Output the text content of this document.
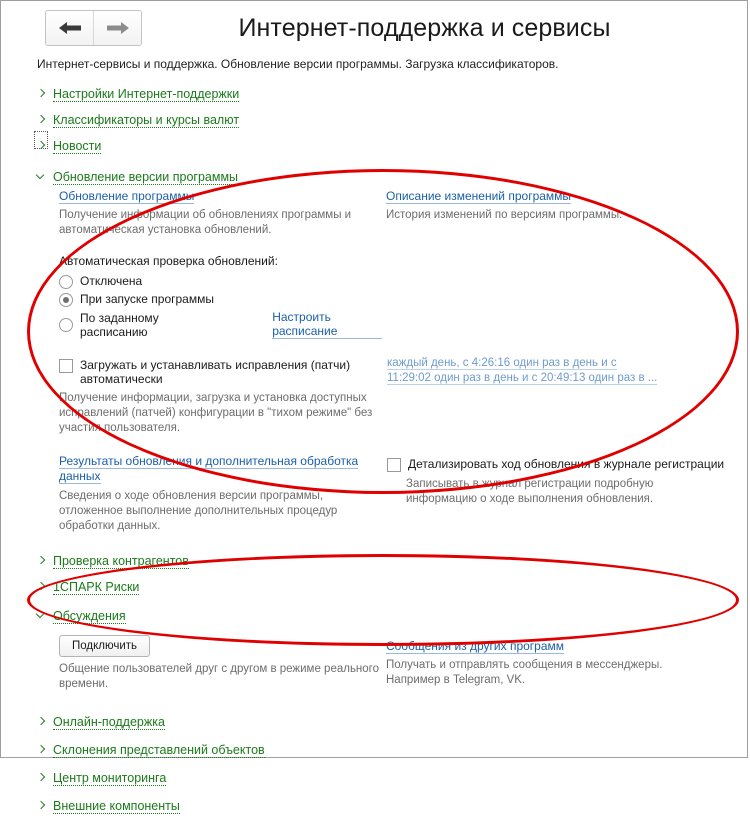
Интернет-поддержка и сервисы
Интернет-сервисы и поддержка. Обновление версии программы. Загрузка классификаторов.
Настройки Интернет-поддержки
Классификаторы и курсы валют
Новости
Обновление версии программы
Обновление программы
Получение информации об обновлениях программы и автоматическая установка обновлений.
Описание изменений программы
История изменений по версиям программы.
Автоматическая проверка обновлений:
Отключена
При запуске программы
По заданному расписанию
Настроить расписание
Загружать и устанавливать исправления (патчи) автоматически
Получение информации, загрузка и установка доступных исправлений (патчей) конфигурации в "тихом режиме" без участия пользователя.
каждый день, с 4:26:16 один раз в день и с
11:29:02 один раз в день и с 20:49:13 один раз в ...
Результаты обновления и дополнительная обработка данных
Сведения о ходе обновления версии программы, отложенное выполнение дополнительных процедур обработки данных.
Детализировать ход обновления в журнале регистрации
Записывать в журнал регистрации подробную информацию о ходе выполнения обновления.
Проверка контрагентов
1СПАРК Риски
Обсуждения
Подключить
Общение пользователей друг с другом в режиме реального времени.
Сообщения из других программ
Получать и отправлять сообщения в мессенджеры.
Например в Telegram, VK.
Онлайн-поддержка
Склонения представлений объектов
Центр мониторинга
Внешние компоненты
